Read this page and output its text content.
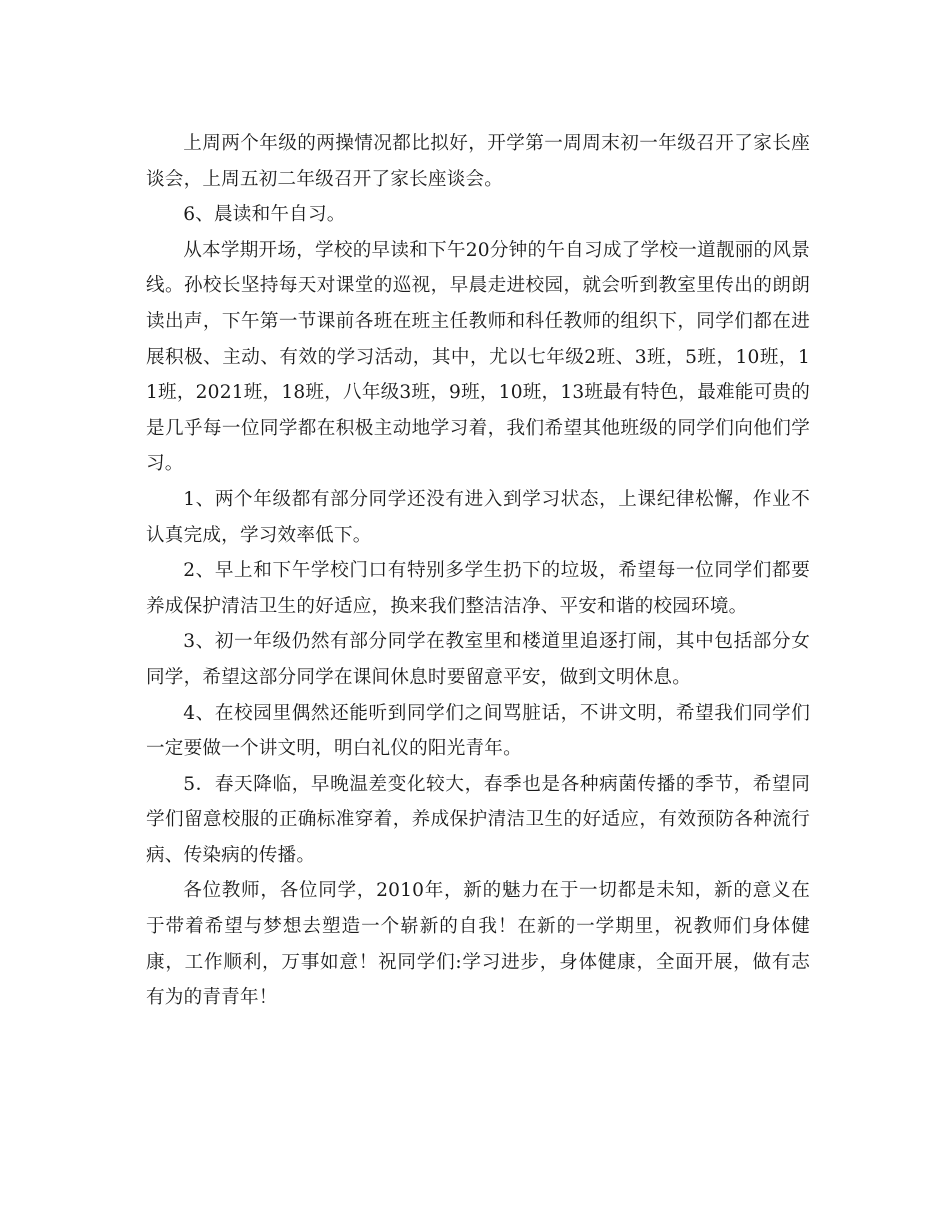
上周两个年级的两操情况都比拟好，开学第一周周末初一年级召开了家长座谈会，上周五初二年级召开了家长座谈会。

6、晨读和午自习。

从本学期开场，学校的早读和下午20分钟的午自习成了学校一道靓丽的风景线。孙校长坚持每天对课堂的巡视，早晨走进校园，就会听到教室里传出的朗朗读出声，下午第一节课前各班在班主任教师和科任教师的组织下，同学们都在进展积极、主动、有效的学习活动，其中，尤以七年级2班、3班，5班，10班，11班，2021班，18班，八年级3班，9班，10班，13班最有特色，最难能可贵的是几乎每一位同学都在积极主动地学习着，我们希望其他班级的同学们向他们学习。

1、两个年级都有部分同学还没有进入到学习状态，上课纪律松懈，作业不认真完成，学习效率低下。

2、早上和下午学校门口有特别多学生扔下的垃圾，希望每一位同学们都要养成保护清洁卫生的好适应，换来我们整洁洁净、平安和谐的校园环境。

3、初一年级仍然有部分同学在教室里和楼道里追逐打闹，其中包括部分女同学，希望这部分同学在课间休息时要留意平安，做到文明休息。

4、在校园里偶然还能听到同学们之间骂脏话，不讲文明，希望我们同学们一定要做一个讲文明，明白礼仪的阳光青年。

5．春天降临，早晚温差变化较大，春季也是各种病菌传播的季节，希望同学们留意校服的正确标准穿着，养成保护清洁卫生的好适应，有效预防各种流行病、传染病的传播。

各位教师，各位同学，2010年，新的魅力在于一切都是未知，新的意义在于带着希望与梦想去塑造一个崭新的自我！在新的一学期里，祝教师们身体健康，工作顺利，万事如意！祝同学们:学习进步，身体健康，全面开展，做有志有为的青青年！
